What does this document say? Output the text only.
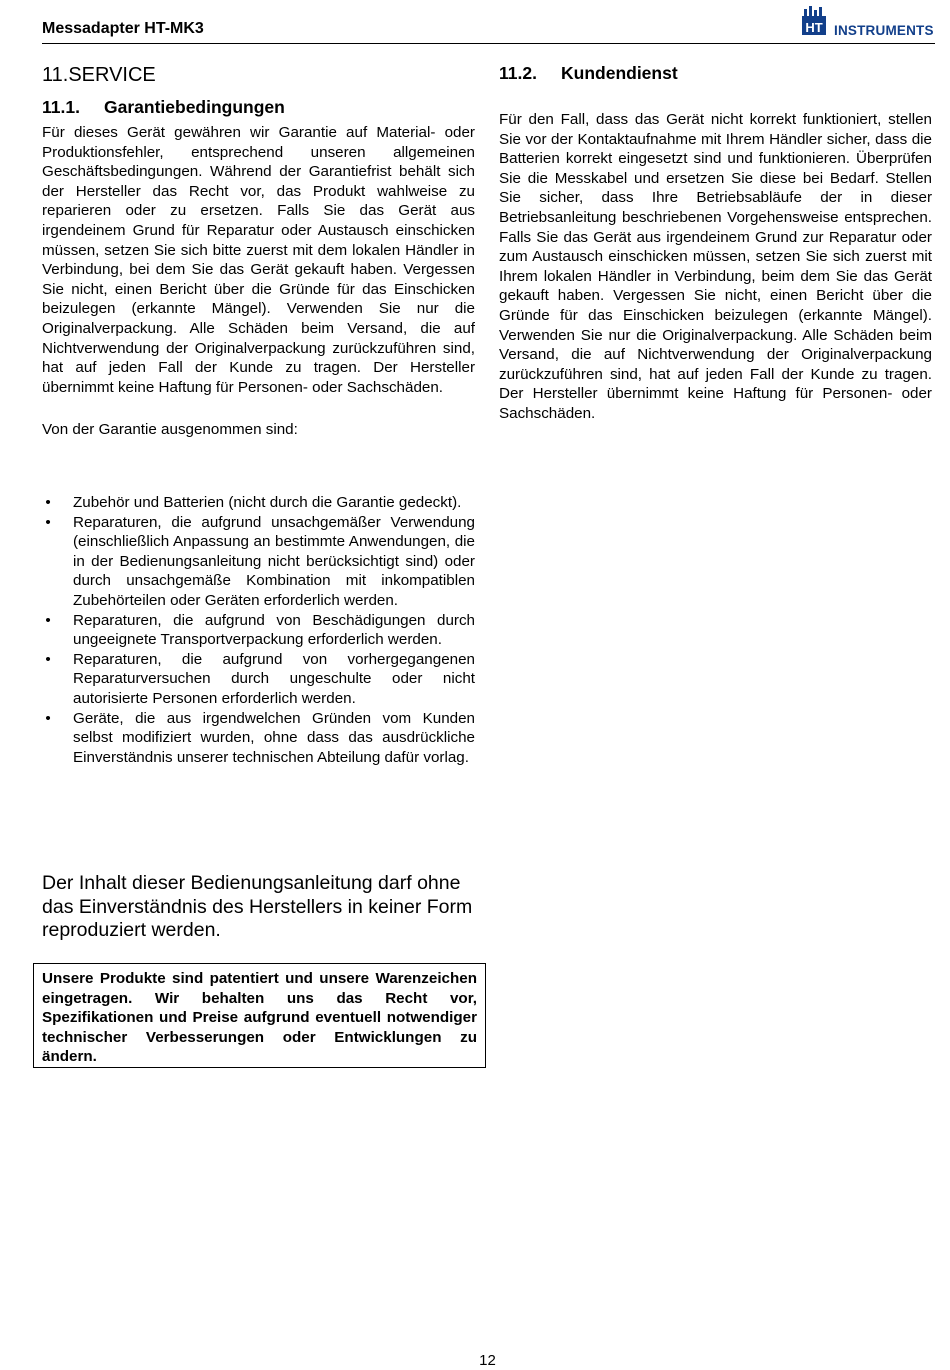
Messadapter HT-MK3	HT INSTRUMENTS
11.SERVICE
11.1. Garantiebedingungen

Für dieses Gerät gewähren wir Garantie auf Material- oder Produktionsfehler, entsprechend unseren allgemeinen Geschäftsbedingungen. Während der Garantiefrist behält sich der Hersteller das Recht vor, das Produkt wahlweise zu reparieren oder zu ersetzen. Falls Sie das Gerät aus irgendeinem Grund für Reparatur oder Austausch einschicken müssen, setzen Sie sich bitte zuerst mit dem lokalen Händler in Verbindung, bei dem Sie das Gerät gekauft haben. Vergessen Sie nicht, einen Bericht über die Gründe für das Einschicken beizulegen (erkannte Mängel). Verwenden Sie nur die Originalverpackung. Alle Schäden beim Versand, die auf Nichtverwendung der Originalverpackung zurückzuführen sind, hat auf jeden Fall der Kunde zu tragen. Der Hersteller übernimmt keine Haftung für Personen- oder Sachschäden.

Von der Garantie ausgenommen sind:

• Zubehör und Batterien (nicht durch die Garantie gedeckt).
• Reparaturen, die aufgrund unsachgemäßer Verwendung (einschließlich Anpassung an bestimmte Anwendungen, die in der Bedienungsanleitung nicht berücksichtigt sind) oder durch unsachgemäße Kombination mit inkompatiblen Zubehörteilen oder Geräten erforderlich werden.
• Reparaturen, die aufgrund von Beschädigungen durch ungeeignete Transportverpackung erforderlich werden.
• Reparaturen, die aufgrund von vorhergegangenen Reparaturversuchen durch ungeschulte oder nicht autorisierte Personen erforderlich werden.
• Geräte, die aus irgendwelchen Gründen vom Kunden selbst modifiziert wurden, ohne dass das ausdrückliche Einverständnis unserer technischen Abteilung dafür vorlag.

Der Inhalt dieser Bedienungsanleitung darf ohne das Einverständnis des Herstellers in keiner Form reproduziert werden.

Unsere Produkte sind patentiert und unsere Warenzeichen eingetragen. Wir behalten uns das Recht vor, Spezifikationen und Preise aufgrund eventuell notwendiger technischer Verbesserungen oder Entwicklungen zu ändern.
11.2. Kundendienst

Für den Fall, dass das Gerät nicht korrekt funktioniert, stellen Sie vor der Kontaktaufnahme mit Ihrem Händler sicher, dass die Batterien korrekt eingesetzt sind und funktionieren. Überprüfen Sie die Messkabel und ersetzen Sie diese bei Bedarf. Stellen Sie sicher, dass Ihre Betriebsabläufe der in dieser Betriebsanleitung beschriebenen Vorgehensweise entsprechen. Falls Sie das Gerät aus irgendeinem Grund zur Reparatur oder zum Austausch einschicken müssen, setzen Sie sich zuerst mit Ihrem lokalen Händler in Verbindung, beim dem Sie das Gerät gekauft haben. Vergessen Sie nicht, einen Bericht über die Gründe für das Einschicken beizulegen (erkannte Mängel). Verwenden Sie nur die Originalverpackung. Alle Schäden beim Versand, die auf Nichtverwendung der Originalverpackung zurückzuführen sind, hat auf jeden Fall der Kunde zu tragen. Der Hersteller übernimmt keine Haftung für Personen- oder Sachschäden.

12
